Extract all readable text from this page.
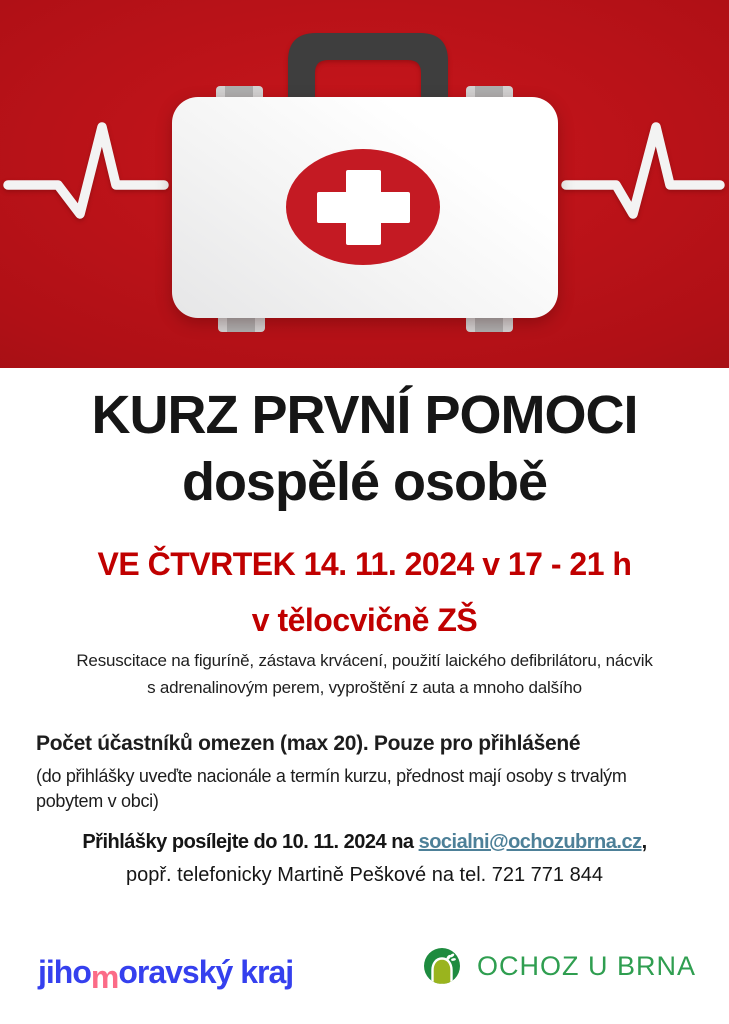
KURZ PRVNÍ POMOCI
dospělé osobě
VE ČTVRTEK 14. 11. 2024 v 17 - 21 h
v tělocvičně ZŠ
Resuscitace na figuríně, zástava krvácení, použití laického defibrilátoru, nácvik
s adrenalinovým perem, vyproštění z auta a mnoho dalšího
Počet účastníků omezen (max 20). Pouze pro přihlášené
(do přihlášky uveďte nacionále a termín kurzu, přednost mají osoby s trvalým
pobytem v obci)
Přihlášky posílejte do 10. 11. 2024 na socialni@ochozubrna.cz,
popř. telefonicky Martině Peškové na tel. 721 771 844
jihomoravský kraj	OCHOZ U BRNA
